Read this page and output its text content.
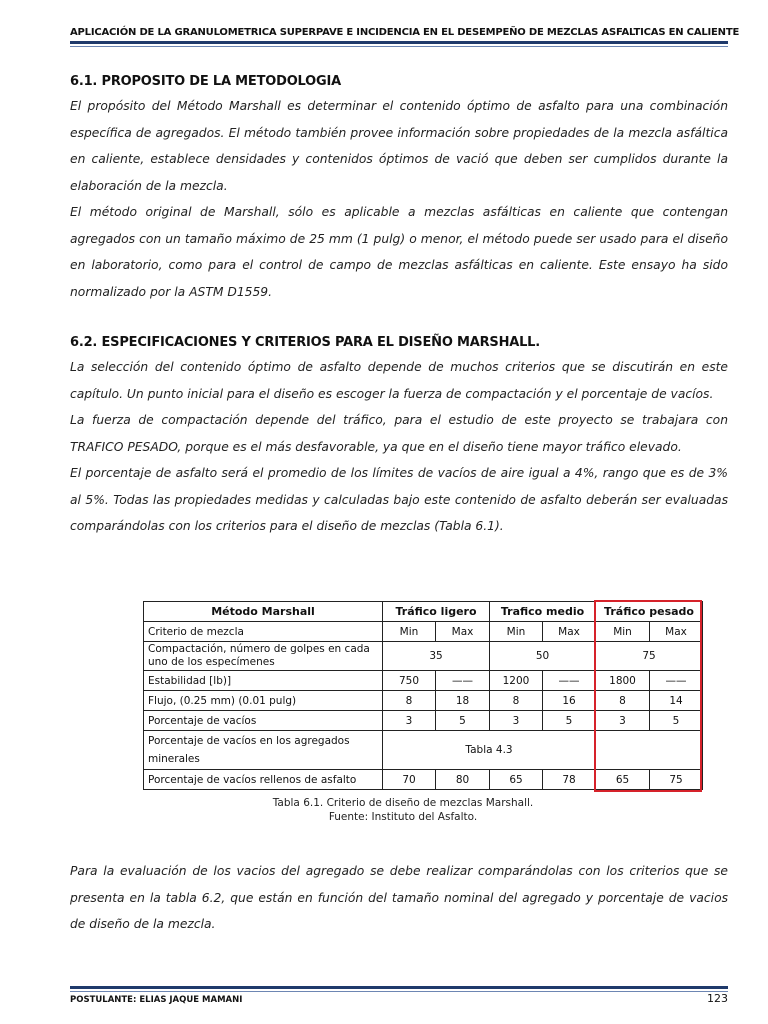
APLICACIÓN DE LA GRANULOMETRICA SUPERPAVE E INCIDENCIA EN EL DESEMPEÑO DE MEZCLAS ASFALTICAS EN CALIENTE
6.1. PROPOSITO DE LA METODOLOGIA

El propósito del Método Marshall es determinar el contenido óptimo de asfalto para una combinación específica de agregados. El método también provee información sobre propiedades de la mezcla asfáltica en caliente, establece densidades y contenidos óptimos de vació que deben ser cumplidos durante la elaboración de la mezcla.

El método original de Marshall, sólo es aplicable a mezclas asfálticas en caliente que contengan agregados con un tamaño máximo de 25 mm (1 pulg) o menor, el método puede ser usado para el diseño en laboratorio, como para el control de campo de mezclas asfálticas en caliente. Este ensayo ha sido normalizado por la ASTM D1559.

6.2. ESPECIFICACIONES Y CRITERIOS PARA EL DISEÑO MARSHALL.

La selección del contenido óptimo de asfalto depende de muchos criterios que se discutirán en este capítulo. Un punto inicial para el diseño es escoger la fuerza de compactación y el porcentaje de vacíos.

La fuerza de compactación depende del tráfico, para el estudio de este proyecto se trabajara con TRAFICO PESADO, porque es el más desfavorable, ya que en el diseño tiene mayor tráfico elevado.

El porcentaje de asfalto será el promedio de los límites de vacíos de aire igual a 4%, rango que es de 3% al 5%. Todas las propiedades medidas y calculadas bajo este contenido de asfalto deberán ser evaluadas comparándolas con los criterios para el diseño de mezclas (Tabla 6.1).

Método Marshall	Tráfico ligero		Trafico medio		Tráfico pesado	
Criterio de mezcla	Min	Max	Min	Max	Min	Max
Compactación, número de golpes en cada uno de los especímenes	35		50		75	
Estabilidad [lb)]	750	——	1200	——	1800	——
Flujo, (0.25 mm) (0.01 pulg)	8	18	8	16	8	14
Porcentaje de vacíos	3	5	3	5	3	5
Porcentaje de vacíos en los agregados minerales	Tabla 4.3					
Porcentaje de vacíos rellenos de asfalto	70	80	65	78	65	75
Tabla 6.1. Criterio de diseño de mezclas Marshall.
Fuente: Instituto del Asfalto.

Para la evaluación de los vacios del agregado se debe realizar comparándolas con los criterios que se presenta en la tabla 6.2, que están en función del tamaño nominal del agregado y porcentaje de vacios de diseño de la mezcla.

POSTULANTE: ELIAS JAQUE MAMANI	123
